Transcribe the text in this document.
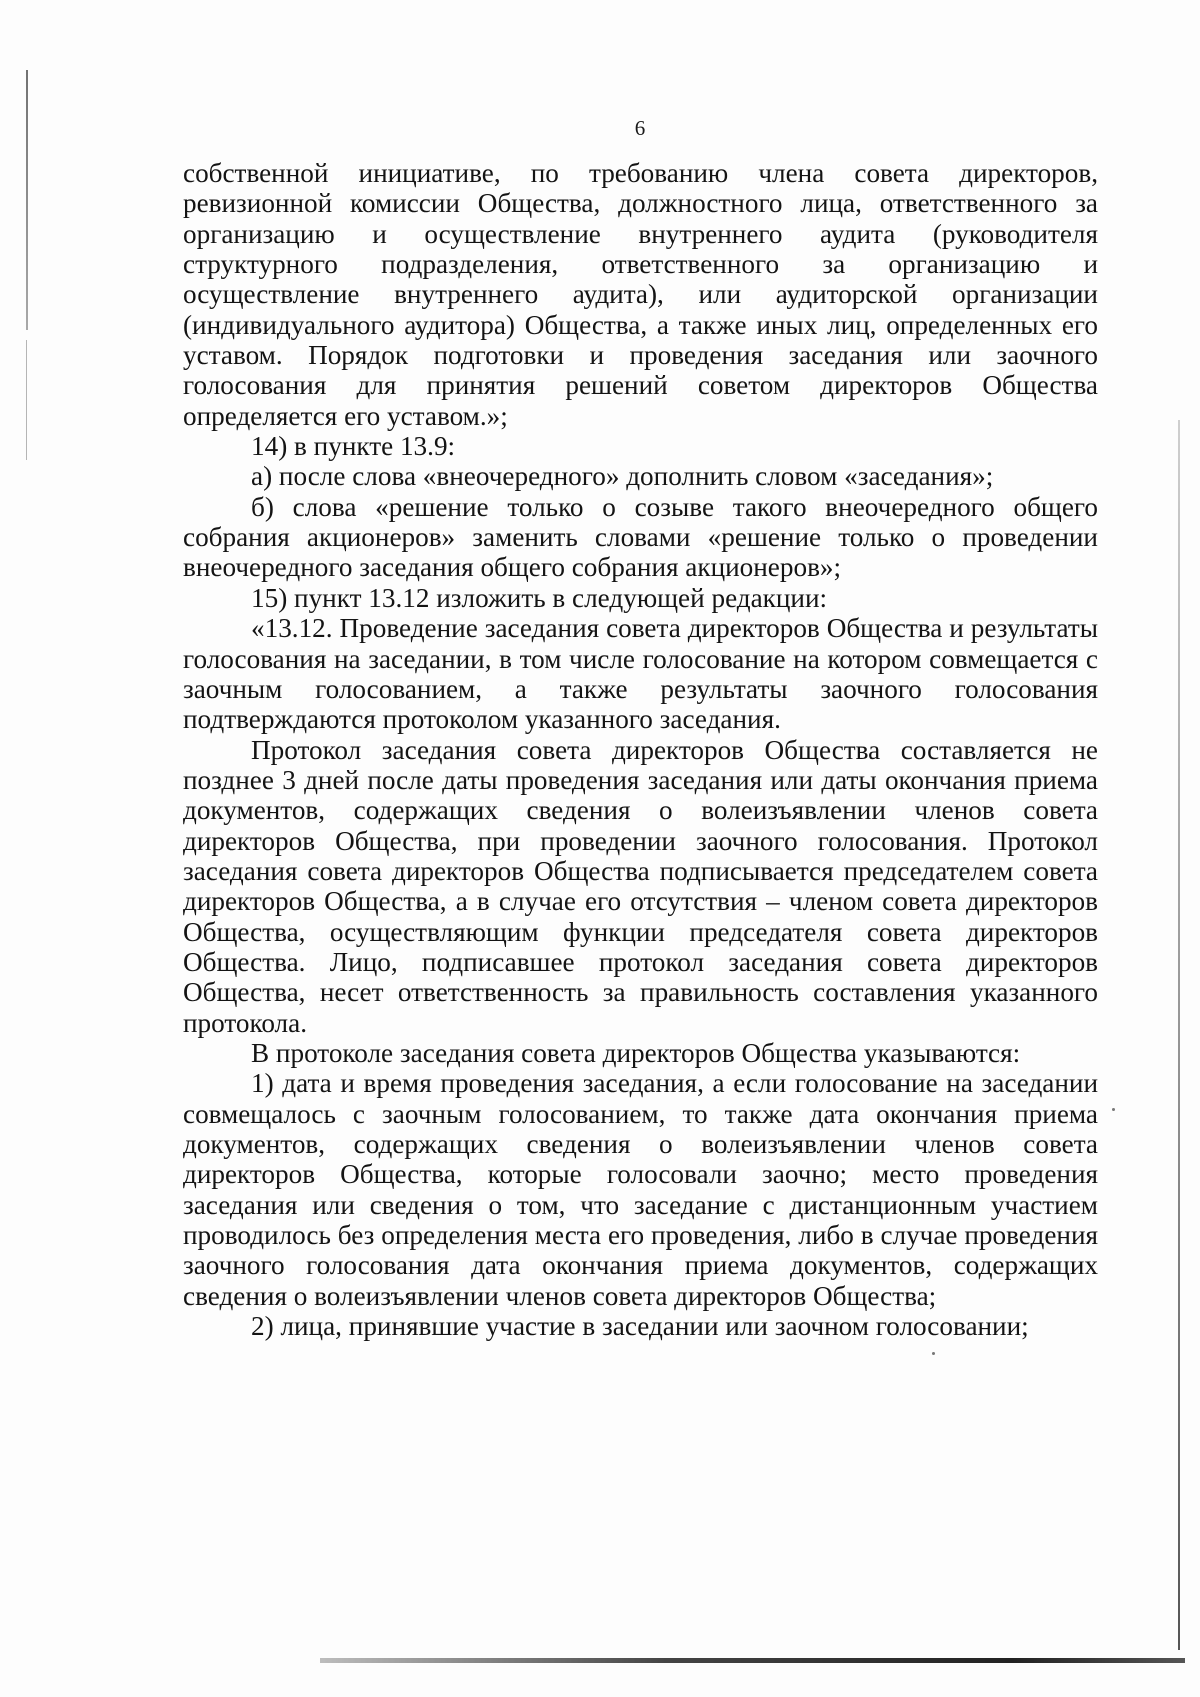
6

собственной инициативе, по требованию члена совета директоров, ревизионной комиссии Общества, должностного лица, ответственного за организацию и осуществление внутреннего аудита (руководителя структурного подразделения, ответственного за организацию и осуществление внутреннего аудита), или аудиторской организации (индивидуального аудитора) Общества, а также иных лиц, определенных его уставом. Порядок подготовки и проведения заседания или заочного голосования для принятия решений советом директоров Общества определяется его уставом.»;

14) в пункте 13.9:

а) после слова «внеочередного» дополнить словом «заседания»;

б) слова «решение только о созыве такого внеочередного общего собрания акционеров» заменить словами «решение только о проведении внеочередного заседания общего собрания акционеров»;

15) пункт 13.12 изложить в следующей редакции:

«13.12. Проведение заседания совета директоров Общества и результаты голосования на заседании, в том числе голосование на котором совмещается с заочным голосованием, а также результаты заочного голосования подтверждаются протоколом указанного заседания.

Протокол заседания совета директоров Общества составляется не позднее 3 дней после даты проведения заседания или даты окончания приема документов, содержащих сведения о волеизъявлении членов совета директоров Общества, при проведении заочного голосования. Протокол заседания совета директоров Общества подписывается председателем совета директоров Общества, а в случае его отсутствия – членом совета директоров Общества, осуществляющим функции председателя совета директоров Общества. Лицо, подписавшее протокол заседания совета директоров Общества, несет ответственность за правильность составления указанного протокола.

В протоколе заседания совета директоров Общества указываются:

1) дата и время проведения заседания, а если голосование на заседании совмещалось с заочным голосованием, то также дата окончания приема документов, содержащих сведения о волеизъявлении членов совета директоров Общества, которые голосовали заочно; место проведения заседания или сведения о том, что заседание с дистанционным участием проводилось без определения места его проведения, либо в случае проведения заочного голосования дата окончания приема документов, содержащих сведения о волеизъявлении членов совета директоров Общества;

2) лица, принявшие участие в заседании или заочном голосовании;
